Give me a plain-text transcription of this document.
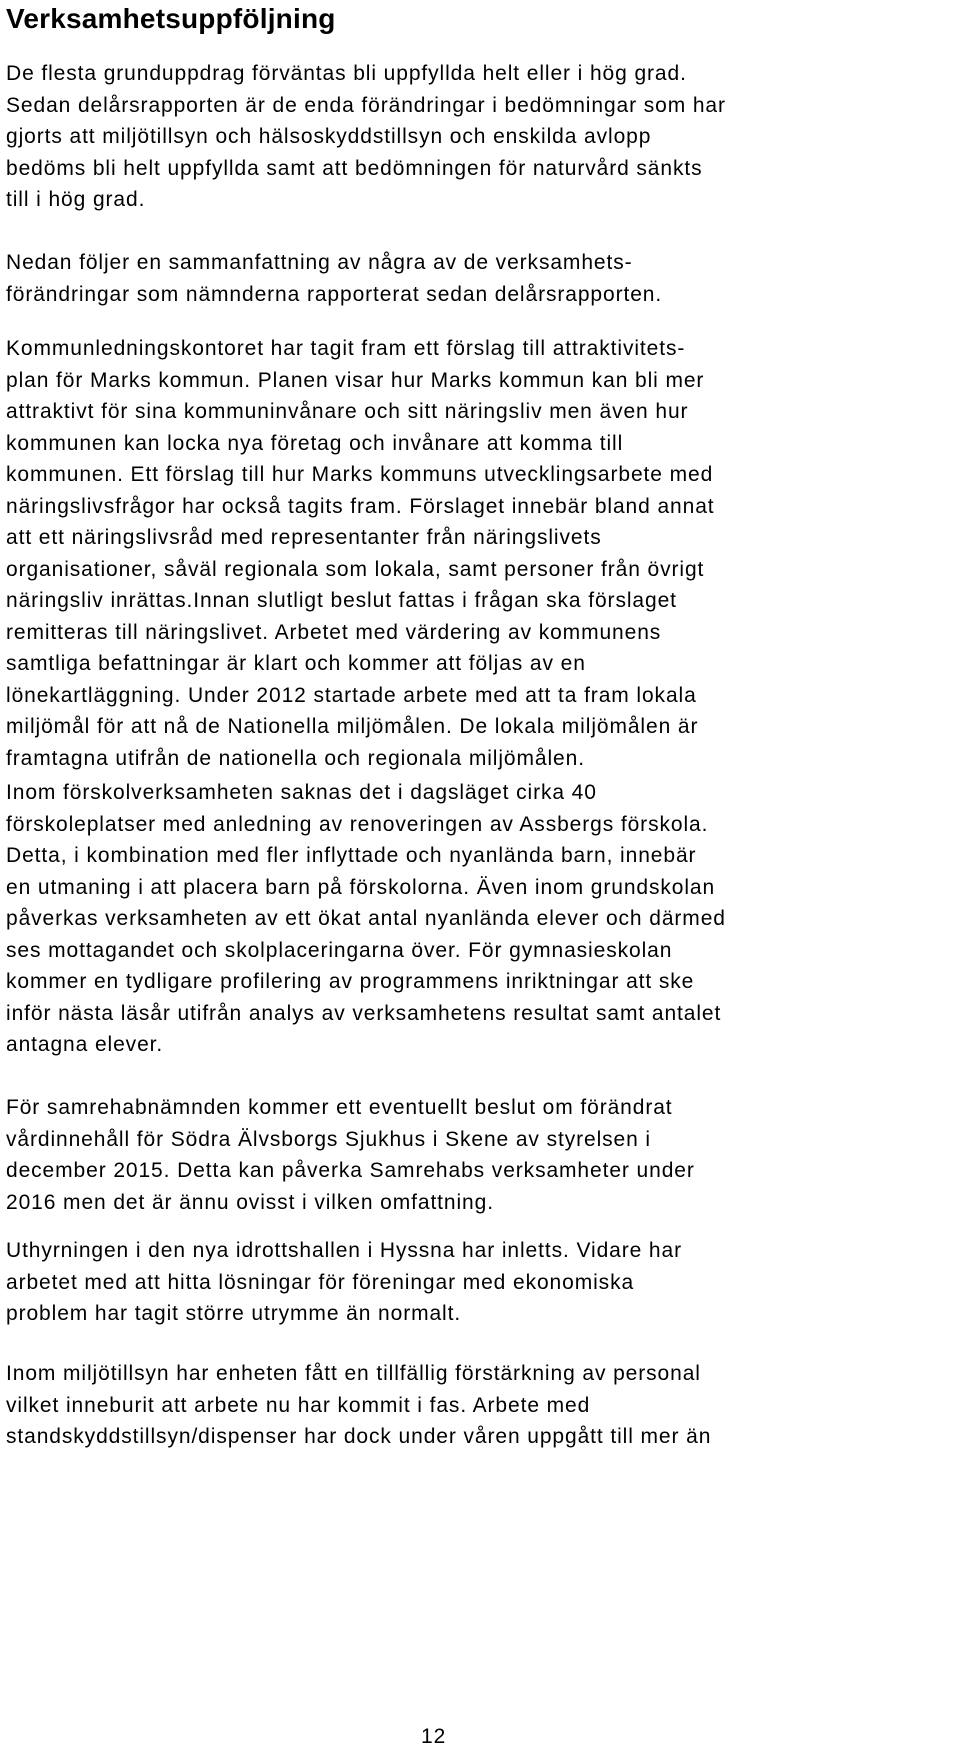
Verksamhetsuppföljning

De flesta grunduppdrag förväntas bli uppfyllda helt eller i hög grad.
Sedan delårsrapporten är de enda förändringar i bedömningar som har
gjorts att miljötillsyn och hälsoskyddstillsyn och enskilda avlopp
bedöms bli helt uppfyllda samt att bedömningen för naturvård sänkts
till i hög grad.

Nedan följer en sammanfattning av några av de verksamhets-
förändringar som nämnderna rapporterat sedan delårsrapporten.

Kommunledningskontoret har tagit fram ett förslag till attraktivitets-
plan för Marks kommun. Planen visar hur Marks kommun kan bli mer
attraktivt för sina kommuninvånare och sitt näringsliv men även hur
kommunen kan locka nya företag och invånare att komma till
kommunen. Ett förslag till hur Marks kommuns utvecklingsarbete med
näringslivsfrågor har också tagits fram. Förslaget innebär bland annat
att ett näringslivsråd med representanter från näringslivets
organisationer, såväl regionala som lokala, samt personer från övrigt
näringsliv inrättas.Innan slutligt beslut fattas i frågan ska förslaget
remitteras till näringslivet. Arbetet med värdering av kommunens
samtliga befattningar är klart och kommer att följas av en
lönekartläggning. Under 2012 startade arbete med att ta fram lokala
miljömål för att nå de Nationella miljömålen. De lokala miljömålen är
framtagna utifrån de nationella och regionala miljömålen.

Inom förskolverksamheten saknas det i dagsläget cirka 40
förskoleplatser med anledning av renoveringen av Assbergs förskola.
Detta, i kombination med fler inflyttade och nyanlända barn, innebär
en utmaning i att placera barn på förskolorna. Även inom grundskolan
påverkas verksamheten av ett ökat antal nyanlända elever och därmed
ses mottagandet och skolplaceringarna över. För gymnasieskolan
kommer en tydligare profilering av programmens inriktningar att ske
inför nästa läsår utifrån analys av verksamhetens resultat samt antalet
antagna elever.

För samrehabnämnden kommer ett eventuellt beslut om förändrat
vårdinnehåll för Södra Älvsborgs Sjukhus i Skene av styrelsen i
december 2015. Detta kan påverka Samrehabs verksamheter under
2016 men det är ännu ovisst i vilken omfattning.

Uthyrningen i den nya idrottshallen i Hyssna har inletts. Vidare har
arbetet med att hitta lösningar för föreningar med ekonomiska
problem har tagit större utrymme än normalt.

Inom miljötillsyn har enheten fått en tillfällig förstärkning av personal
vilket inneburit att arbete nu har kommit i fas. Arbete med
standskyddstillsyn/dispenser har dock under våren uppgått till mer än

12
